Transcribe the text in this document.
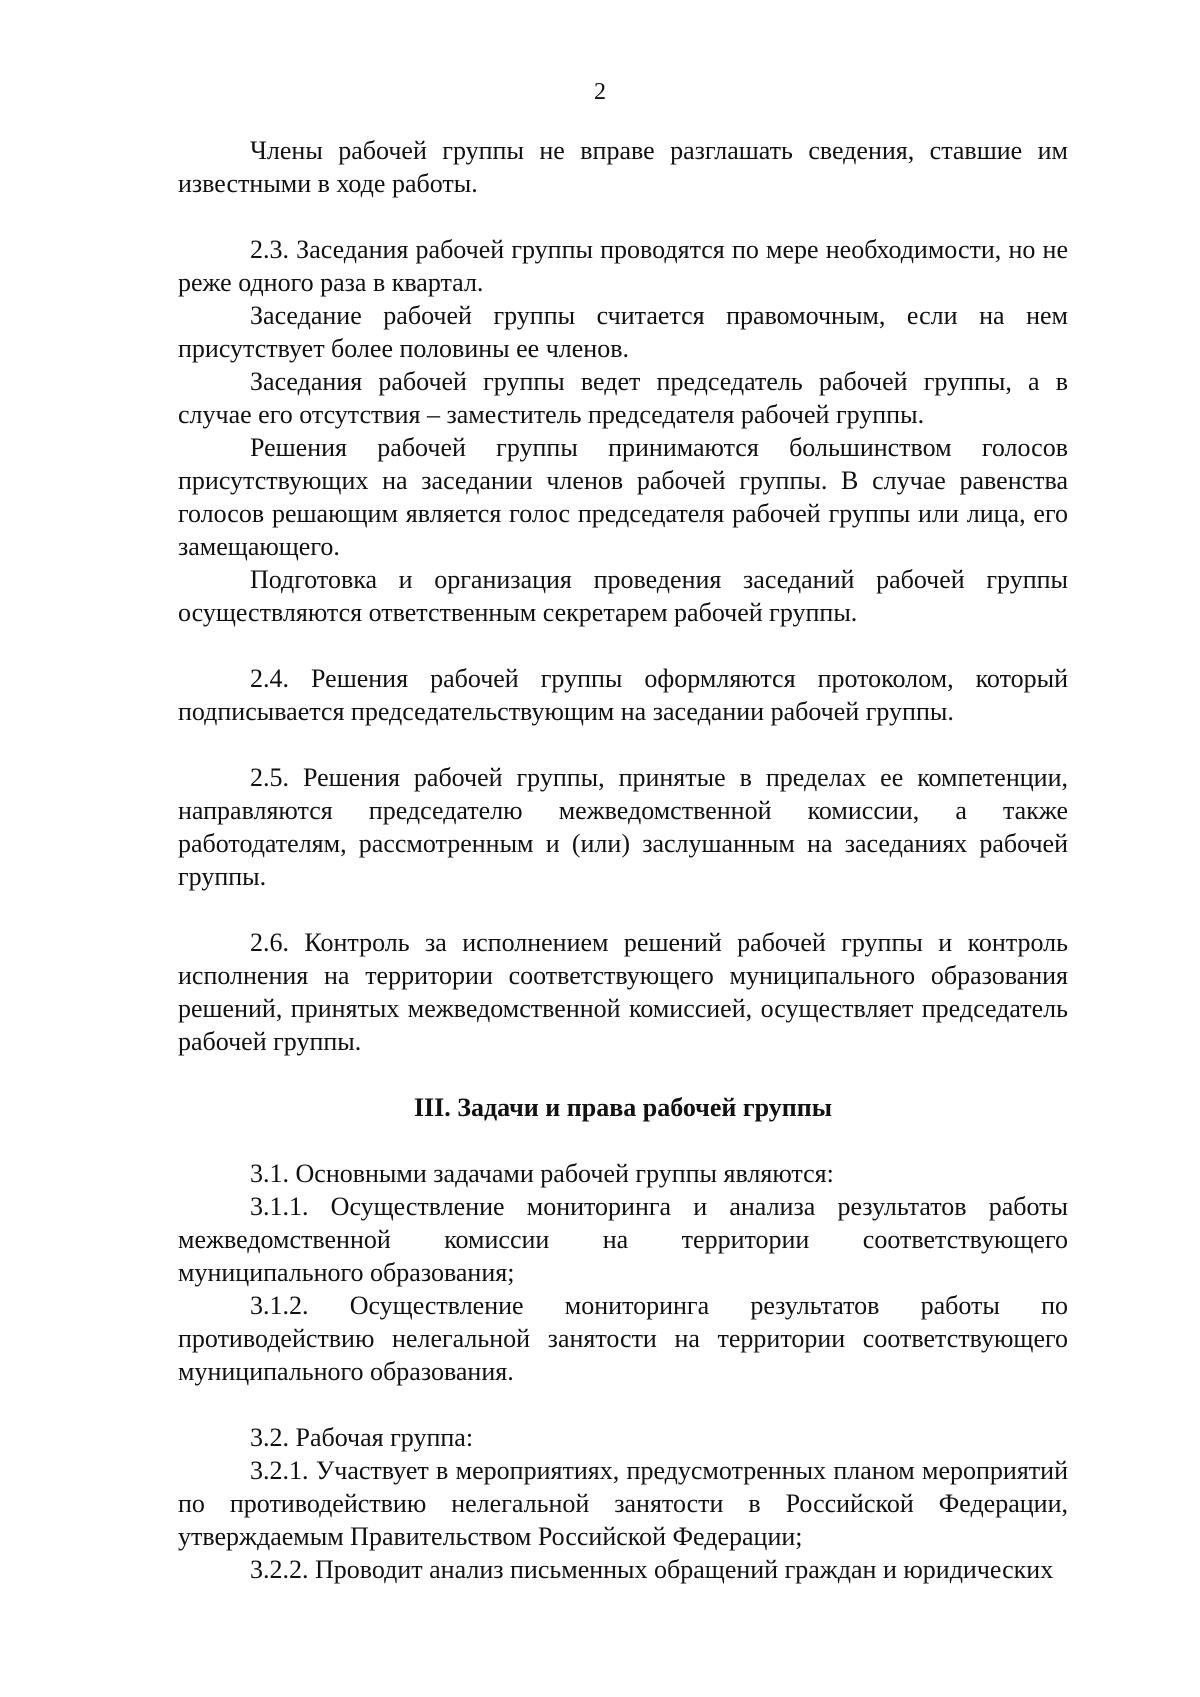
2

Члены рабочей группы не вправе разглашать сведения, ставшие им известными в ходе работы.

2.3. Заседания рабочей группы проводятся по мере необходимости, но не реже одного раза в квартал.

Заседание рабочей группы считается правомочным, если на нем присутствует более половины ее членов.

Заседания рабочей группы ведет председатель рабочей группы, а в случае его отсутствия – заместитель председателя рабочей группы.

Решения рабочей группы принимаются большинством голосов присутствующих на заседании членов рабочей группы. В случае равенства голосов решающим является голос председателя рабочей группы или лица, его замещающего.

Подготовка и организация проведения заседаний рабочей группы осуществляются ответственным секретарем рабочей группы.

2.4. Решения рабочей группы оформляются протоколом, который подписывается председательствующим на заседании рабочей группы.

2.5. Решения рабочей группы, принятые в пределах ее компетенции, направляются председателю межведомственной комиссии, а также работодателям, рассмотренным и (или) заслушанным на заседаниях рабочей группы.

2.6. Контроль за исполнением решений рабочей группы и контроль исполнения на территории соответствующего муниципального образования решений, принятых межведомственной комиссией, осуществляет председатель рабочей группы.

III. Задачи и права рабочей группы

3.1. Основными задачами рабочей группы являются:

3.1.1. Осуществление мониторинга и анализа результатов работы межведомственной комиссии на территории соответствующего муниципального образования;

3.1.2. Осуществление мониторинга результатов работы по противодействию нелегальной занятости на территории соответствующего муниципального образования.

3.2. Рабочая группа:

3.2.1. Участвует в мероприятиях, предусмотренных планом мероприятий по противодействию нелегальной занятости в Российской Федерации, утверждаемым Правительством Российской Федерации;

3.2.2. Проводит анализ письменных обращений граждан и юридических
